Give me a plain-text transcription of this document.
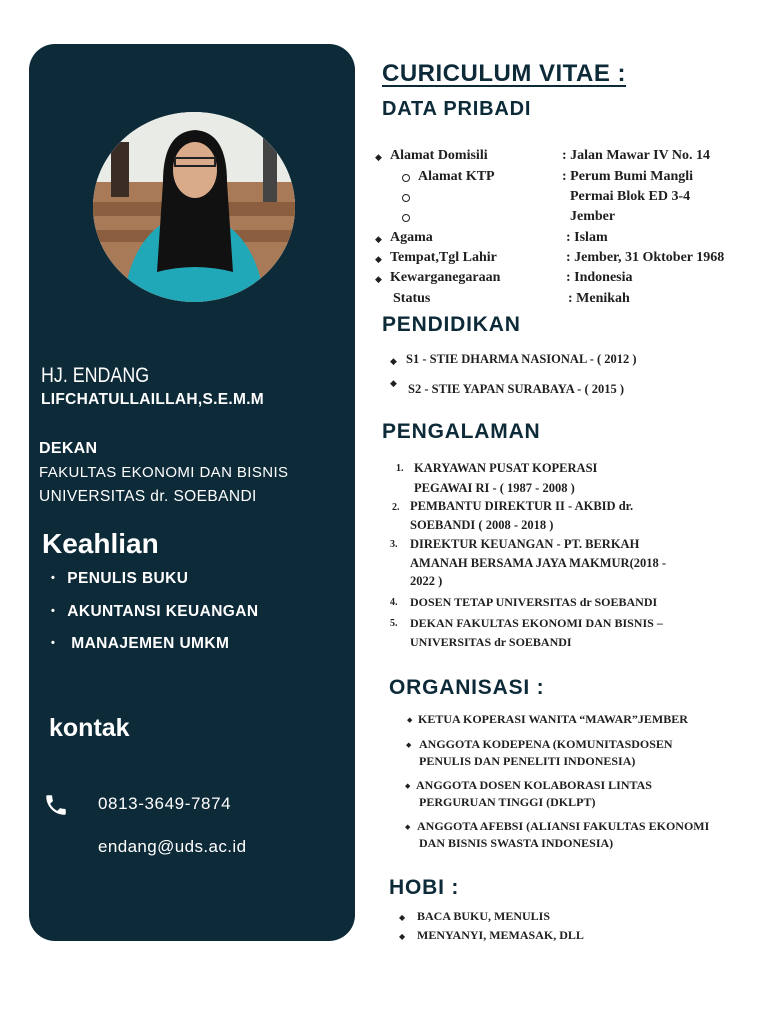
HJ. ENDANG
LIFCHATULLAILLAH,S.E.M.M
DEKAN
FAKULTAS EKONOMI DAN BISNIS
UNIVERSITAS dr. SOEBANDI
Keahlian
• PENULIS BUKU
• AKUNTANSI KEUANGAN
• MANAJEMEN UMKM
kontak
0813-3649-7874
endang@uds.ac.id
CURICULUM VITAE :
DATA PRIBADI
◆ Alamat Domisili	: Jalan Mawar IV No. 14
Alamat KTP	: Perum Bumi Mangli
Permai Blok ED 3-4
Jember
◆ Agama	: Islam
◆ Tempat,Tgl Lahir	: Jember, 31 Oktober 1968
◆ Kewarganegaraan	: Indonesia
Status	: Menikah
PENDIDIKAN
◆ S1 - STIE DHARMA NASIONAL - ( 2012 )
◆ S2 - STIE YAPAN SURABAYA - ( 2015 )
PENGALAMAN
1. KARYAWAN PUSAT KOPERASI
PEGAWAI RI - ( 1987 - 2008 )
2. PEMBANTU DIREKTUR II - AKBID dr.
SOEBANDI ( 2008 - 2018 )
3. DIREKTUR KEUANGAN - PT. BERKAH
AMANAH BERSAMA JAYA MAKMUR(2018 -
2022 )
4. DOSEN TETAP UNIVERSITAS dr SOEBANDI
5. DEKAN FAKULTAS EKONOMI DAN BISNIS –
UNIVERSITAS dr SOEBANDI
ORGANISASI :
◆ KETUA KOPERASI WANITA “MAWAR”JEMBER
◆ ANGGOTA KODEPENA (KOMUNITASDOSEN
PENULIS DAN PENELITI INDONESIA)
◆ ANGGOTA DOSEN KOLABORASI LINTAS
PERGURUAN TINGGI (DKLPT)
◆ ANGGOTA AFEBSI (ALIANSI FAKULTAS EKONOMI
DAN BISNIS SWASTA INDONESIA)
HOBI :
◆ BACA BUKU, MENULIS
◆ MENYANYI, MEMASAK, DLL
